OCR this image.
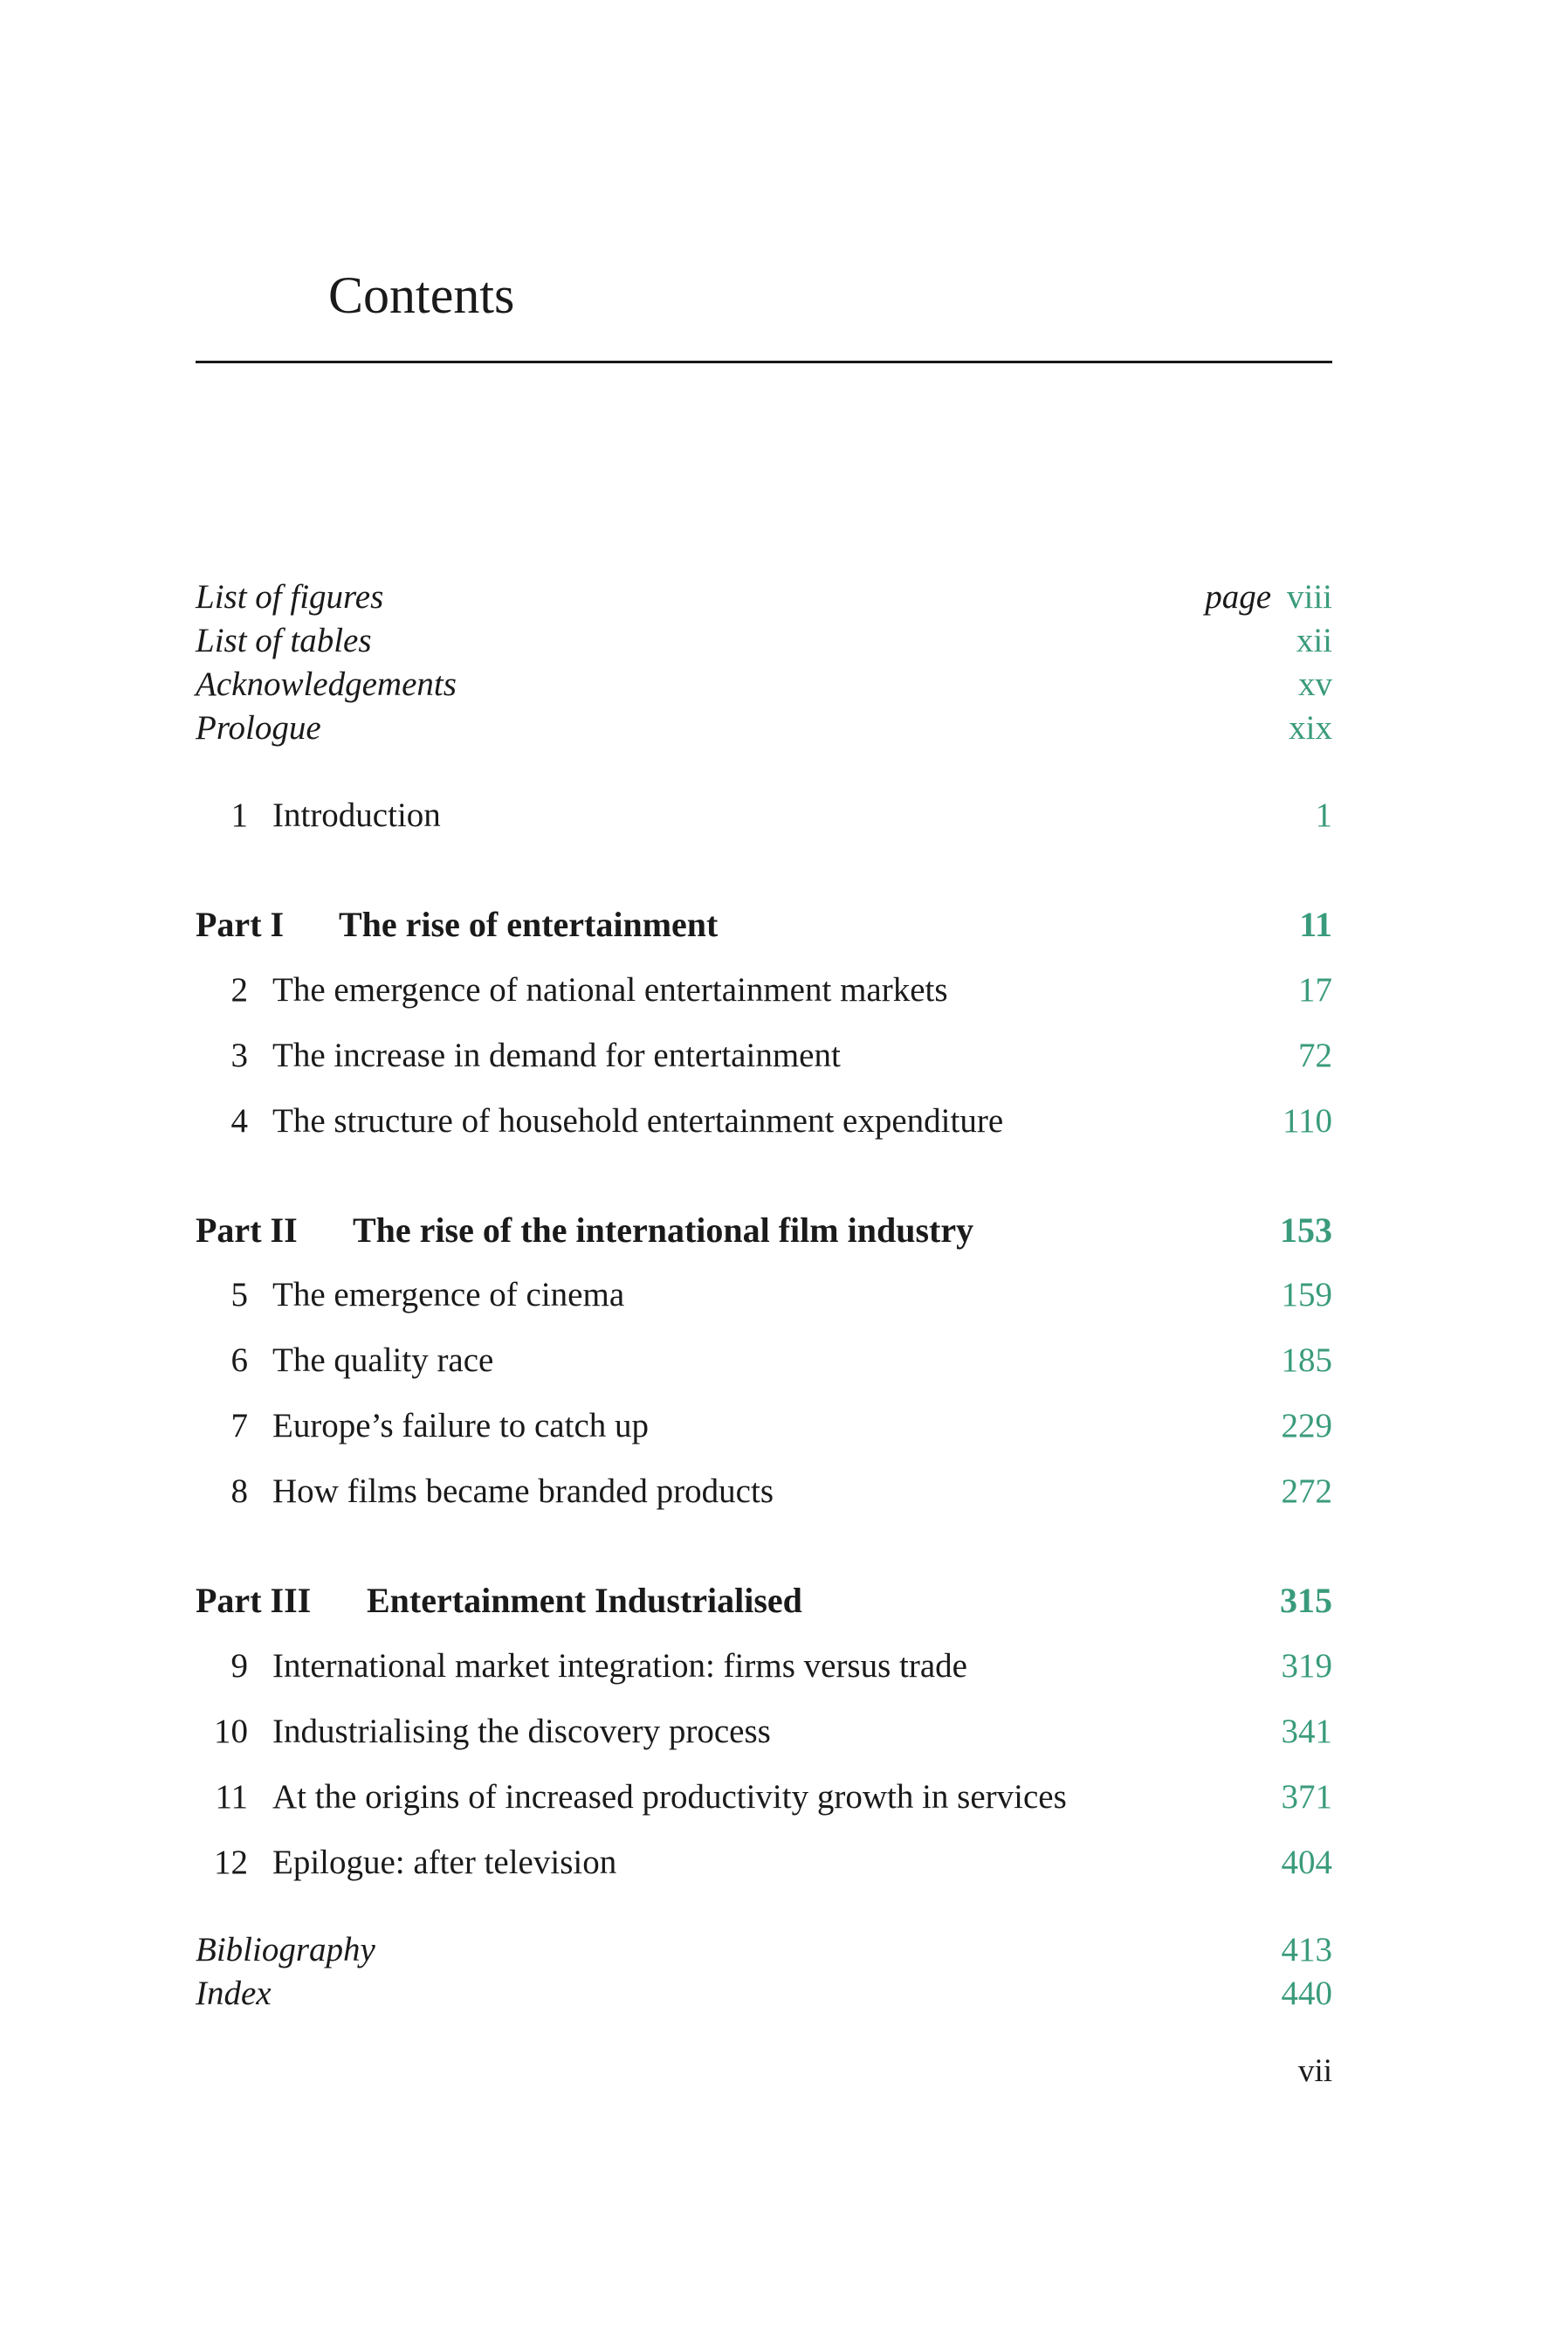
Contents
List of figures	page viii
List of tables	xii
Acknowledgements	xv
Prologue	xix
1 Introduction	1
Part I The rise of entertainment	11
2 The emergence of national entertainment markets	17
3 The increase in demand for entertainment	72
4 The structure of household entertainment expenditure	110
Part II The rise of the international film industry	153
5 The emergence of cinema	159
6 The quality race	185
7 Europe’s failure to catch up	229
8 How films became branded products	272
Part III Entertainment Industrialised	315
9 International market integration: firms versus trade	319
10 Industrialising the discovery process	341
11 At the origins of increased productivity growth in services	371
12 Epilogue: after television	404
Bibliography	413
Index	440
vii
